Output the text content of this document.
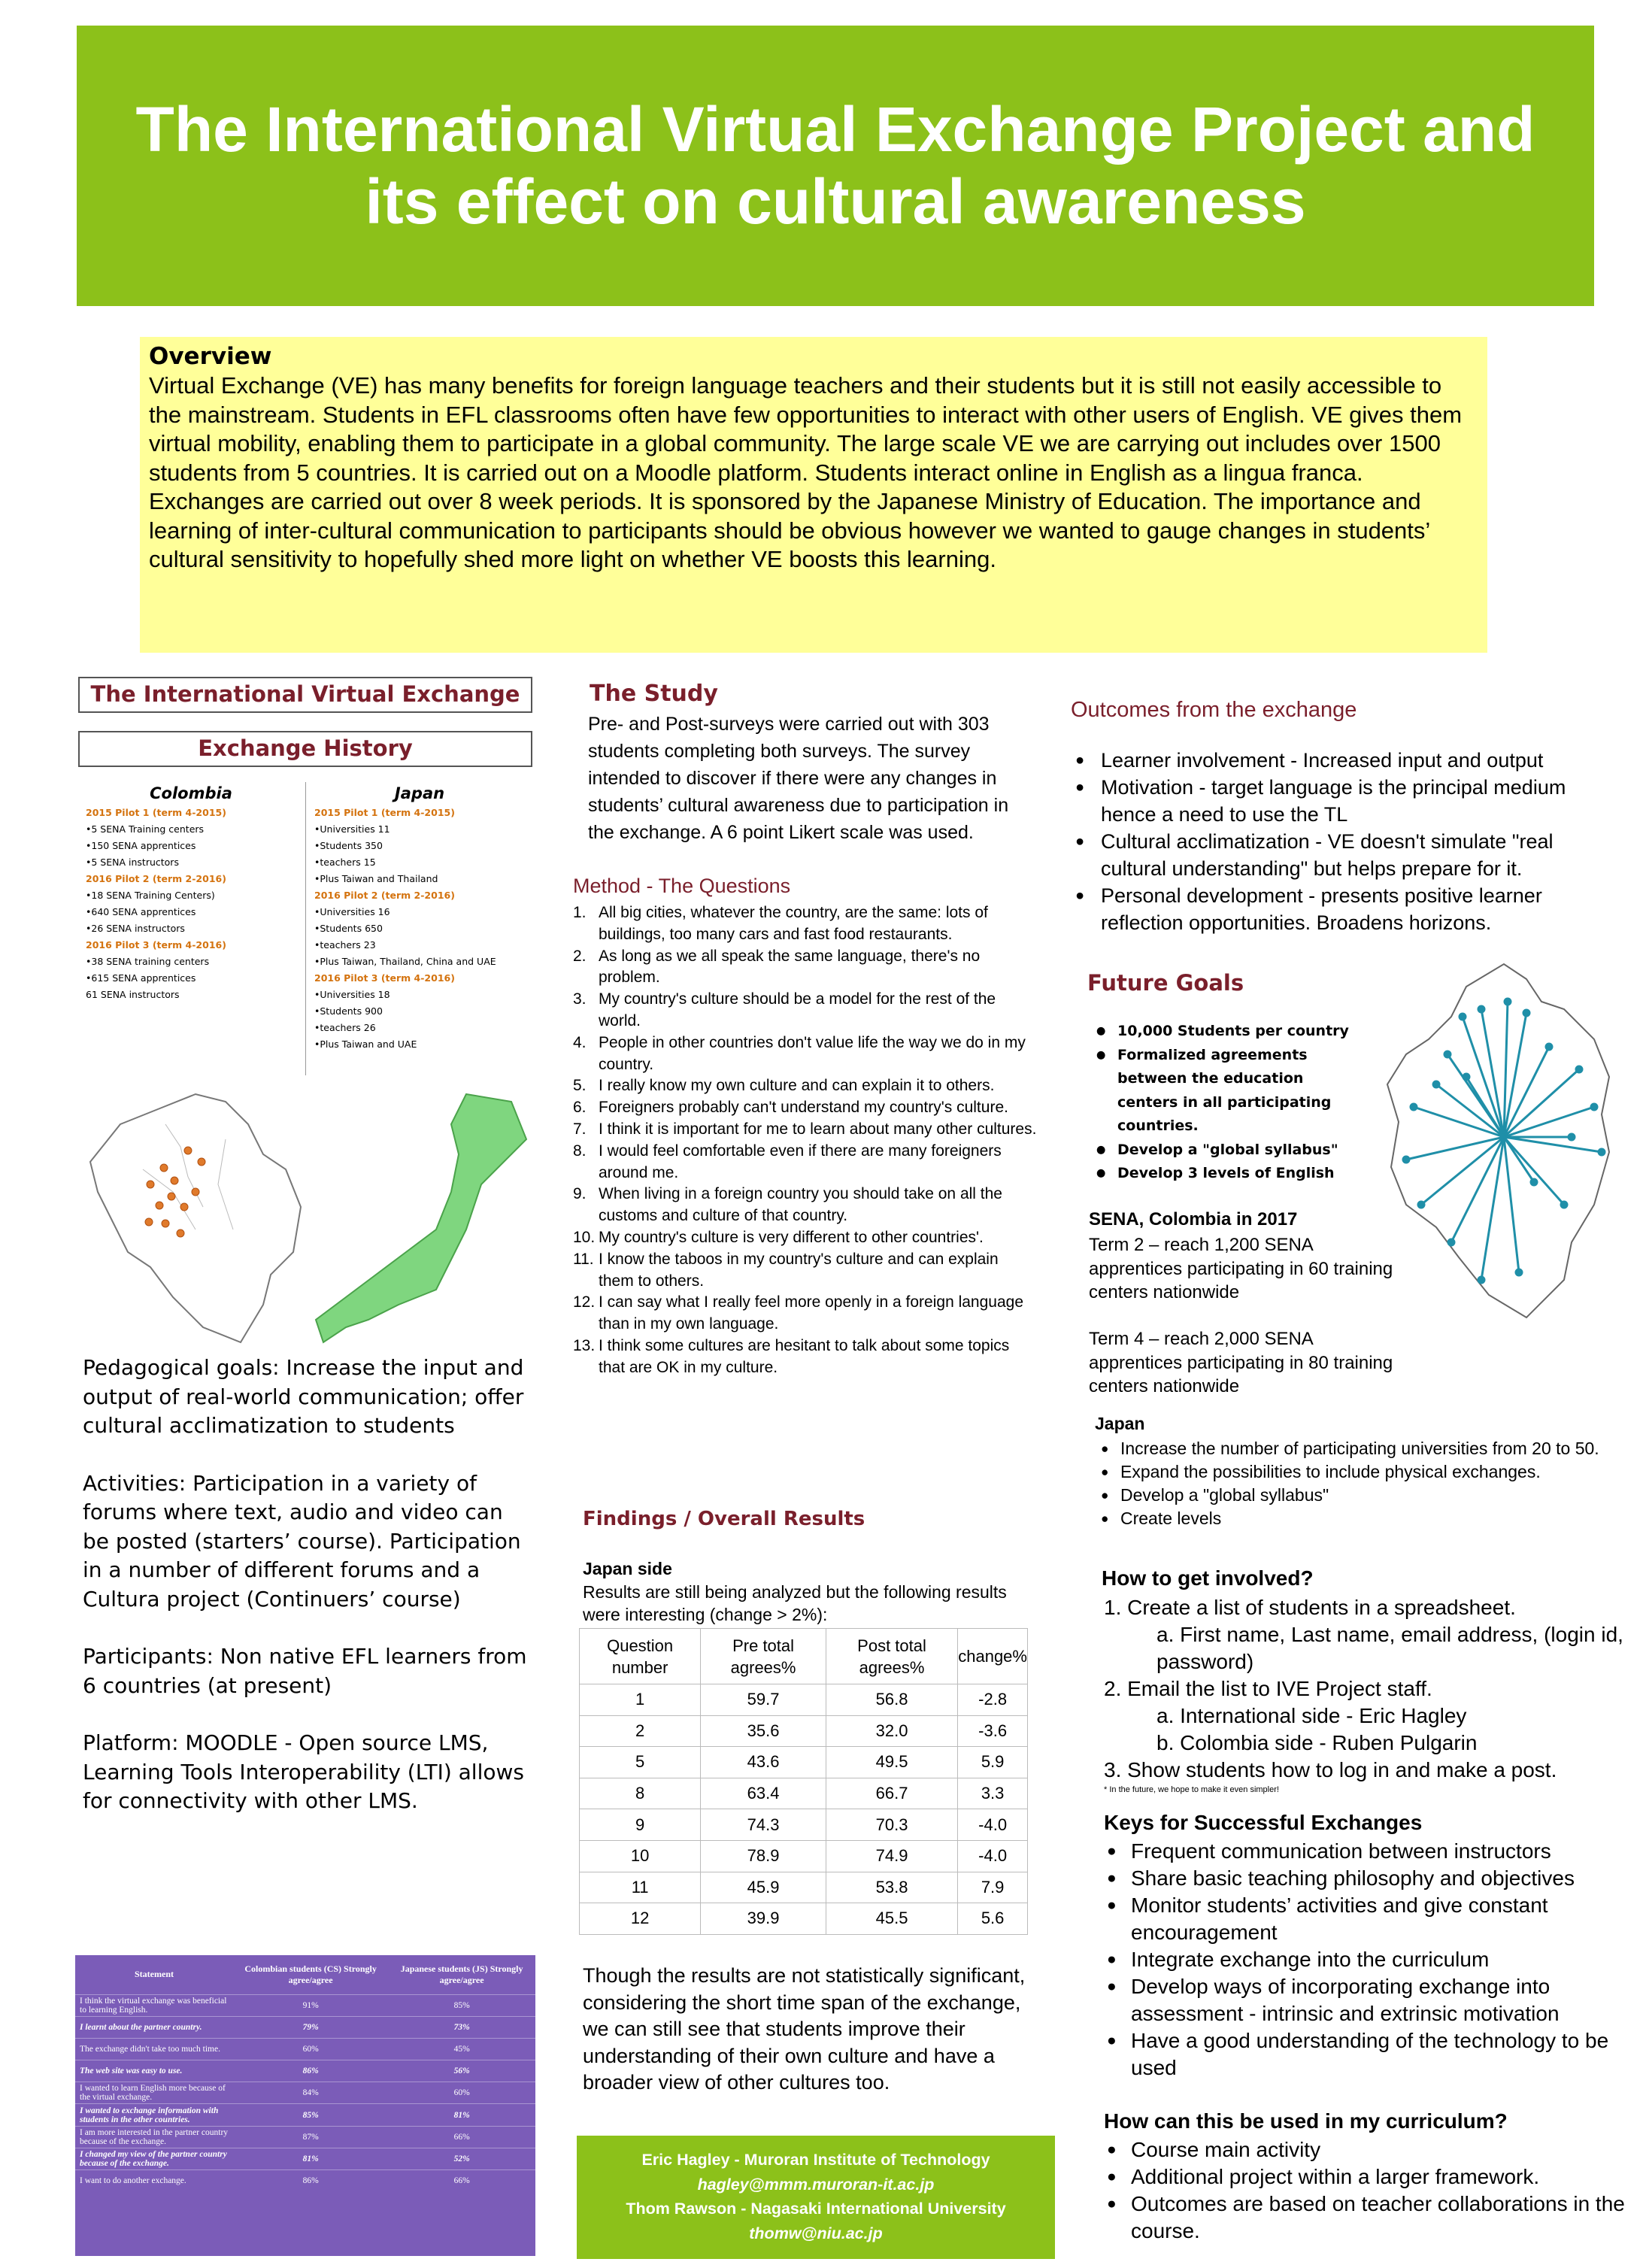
The International Virtual Exchange Project and
its effect on cultural awareness
Overview

Virtual Exchange (VE) has many benefits for foreign language teachers and their students but it is still not easily accessible to the mainstream. Students in EFL classrooms often have few opportunities to interact with other users of English. VE gives them virtual mobility, enabling them to participate in a global community. The large scale VE we are carrying out includes over 1500 students from 5 countries. It is carried out on a Moodle platform. Students interact online in English as a lingua franca. Exchanges are carried out over 8 week periods. It is sponsored by the Japanese Ministry of Education. The importance and learning of inter-cultural communication to participants should be obvious however we wanted to gauge changes in students’ cultural sensitivity to hopefully shed more light on whether VE boosts this learning.

The International Virtual Exchange
Exchange History
Colombia
2015 Pilot 1 (term 4-2015)
•5 SENA Training centers
•150 SENA apprentices
•5 SENA instructors
2016 Pilot 2 (term 2-2016)
•18 SENA Training Centers)
•640 SENA apprentices
•26 SENA instructors
2016 Pilot 3 (term 4-2016)
•38 SENA training centers
•615 SENA apprentices
61 SENA instructors
Japan
2015 Pilot 1 (term 4-2015)
•Universities 11
•Students 350
•teachers 15
•Plus Taiwan and Thailand
2016 Pilot 2 (term 2-2016)
•Universities 16
•Students 650
•teachers 23
•Plus Taiwan, Thailand, China and UAE
2016 Pilot 3 (term 4-2016)
•Universities 18
•Students 900
•teachers 26
•Plus Taiwan and UAE

Pedagogical goals: Increase the input and output of real-world communication; offer cultural acclimatization to students

Activities: Participation in a variety of forums where text, audio and video can be posted (starters’ course). Participation in a number of different forums and a Cultura project (Continuers’ course)

Participants: Non native EFL learners from 6 countries (at present)

Platform: MOODLE - Open source LMS, Learning Tools Interoperability (LTI) allows for connectivity with other LMS.

Statement	Colombian students (CS) Strongly agree/agree	Japanese students (JS) Strongly agree/agree
I think the virtual exchange was beneficial to learning English.	91%	85%
I learnt about the partner country.	79%	73%
The exchange didn't take too much time.	60%	45%
The web site was easy to use.	86%	56%
I wanted to learn English more because of the virtual exchange.	84%	60%
I wanted to exchange information with students in the other countries.	85%	81%
I am more interested in the partner country because of the exchange.	87%	66%
I changed my view of the partner country because of the exchange.	81%	52%
I want to do another exchange.	86%	66%
The Study
Pre- and Post-surveys were carried out with 303 students completing both surveys. The survey intended to discover if there were any changes in students’ cultural awareness due to participation in the exchange. A 6 point Likert scale was used.
Method - The Questions
1. All big cities, whatever the country, are the same: lots of buildings, too many cars and fast food restaurants.
2. As long as we all speak the same language, there's no problem.
3. My country's culture should be a model for the rest of the world.
4. People in other countries don't value life the way we do in my country.
5. I really know my own culture and can explain it to others.
6. Foreigners probably can't understand my country's culture.
7. I think it is important for me to learn about many other cultures.
8. I would feel comfortable even if there are many foreigners around me.
9. When living in a foreign country you should take on all the customs and culture of that country.
10. My country's culture is very different to other countries'.
11. I know the taboos in my country's culture and can explain them to others.
12. I can say what I really feel more openly in a foreign language than in my own language.
13. I think some cultures are hesitant to talk about some topics that are OK in my culture.
Findings / Overall Results
Japan side
Results are still being analyzed but the following results were interesting (change > 2%):
Question number	Pre total agrees%	Post total agrees%	change%
1	59.7	56.8	-2.8
2	35.6	32.0	-3.6
5	43.6	49.5	5.9
8	63.4	66.7	3.3
9	74.3	70.3	-4.0
10	78.9	74.9	-4.0
11	45.9	53.8	7.9
12	39.9	45.5	5.6
Though the results are not statistically significant, considering the short time span of the exchange, we can still see that students improve their understanding of their own culture and have a broader view of other cultures too.
Eric Hagley - Muroran Institute of Technology
hagley@mmm.muroran-it.ac.jp
Thom Rawson - Nagasaki International University
thomw@niu.ac.jp
Outcomes from the exchange
● Learner involvement - Increased input and output
● Motivation - target language is the principal medium hence a need to use the TL
● Cultural acclimatization - VE doesn't simulate "real cultural understanding" but helps prepare for it.
● Personal development - presents positive learner reflection opportunities. Broadens horizons.
Future Goals
● 10,000 Students per country
● Formalized agreements between the education centers in all participating countries.
● Develop a "global syllabus"
● Develop 3 levels of English
SENA, Colombia in 2017
Term 2 – reach 1,200 SENA apprentices participating in 60 training centers nationwide
Term 4 – reach 2,000 SENA apprentices participating in 80 training centers nationwide
Japan
● Increase the number of participating universities from 20 to 50.
● Expand the possibilities to include physical exchanges.
● Develop a "global syllabus"
● Create levels
How to get involved?
1. Create a list of students in a spreadsheet.
a. First name, Last name, email address, (login id, password)
2. Email the list to IVE Project staff.
a. International side - Eric Hagley
b. Colombia side - Ruben Pulgarin
3. Show students how to log in and make a post.
* In the future, we hope to make it even simpler!
Keys for Successful Exchanges
● Frequent communication between instructors
● Share basic teaching philosophy and objectives
● Monitor students’ activities and give constant encouragement
● Integrate exchange into the curriculum
● Develop ways of incorporating exchange into assessment - intrinsic and extrinsic motivation
● Have a good understanding of the technology to be used
How can this be used in my curriculum?
● Course main activity
● Additional project within a larger framework.
● Outcomes are based on teacher collaborations in the course.
